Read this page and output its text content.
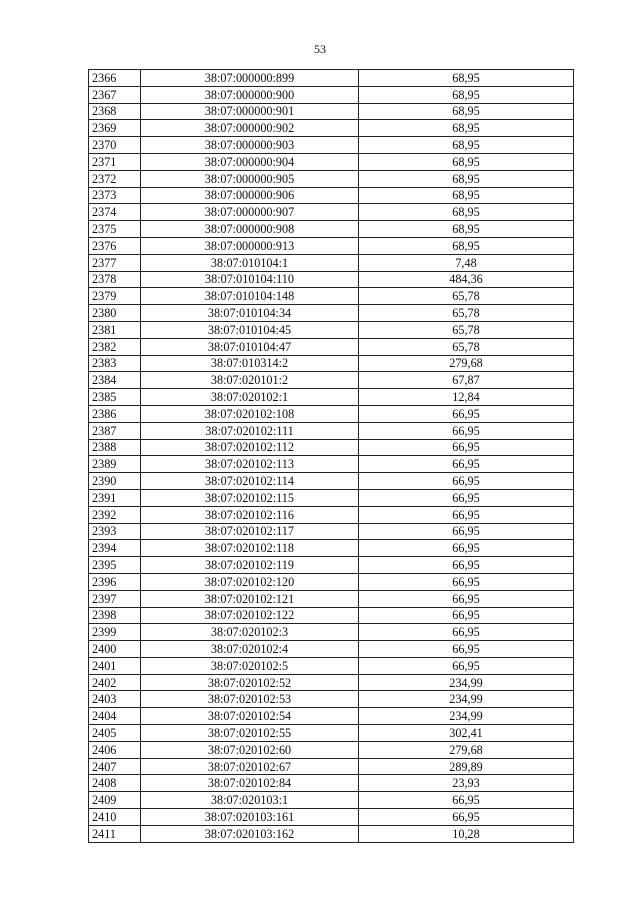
53
2366	38:07:000000:899	68,95
2367	38:07:000000:900	68,95
2368	38:07:000000:901	68,95
2369	38:07:000000:902	68,95
2370	38:07:000000:903	68,95
2371	38:07:000000:904	68,95
2372	38:07:000000:905	68,95
2373	38:07:000000:906	68,95
2374	38:07:000000:907	68,95
2375	38:07:000000:908	68,95
2376	38:07:000000:913	68,95
2377	38:07:010104:1	7,48
2378	38:07:010104:110	484,36
2379	38:07:010104:148	65,78
2380	38:07:010104:34	65,78
2381	38:07:010104:45	65,78
2382	38:07:010104:47	65,78
2383	38:07:010314:2	279,68
2384	38:07:020101:2	67,87
2385	38:07:020102:1	12,84
2386	38:07:020102:108	66,95
2387	38:07:020102:111	66,95
2388	38:07:020102:112	66,95
2389	38:07:020102:113	66,95
2390	38:07:020102:114	66,95
2391	38:07:020102:115	66,95
2392	38:07:020102:116	66,95
2393	38:07:020102:117	66,95
2394	38:07:020102:118	66,95
2395	38:07:020102:119	66,95
2396	38:07:020102:120	66,95
2397	38:07:020102:121	66,95
2398	38:07:020102:122	66,95
2399	38:07:020102:3	66,95
2400	38:07:020102:4	66,95
2401	38:07:020102:5	66,95
2402	38:07:020102:52	234,99
2403	38:07:020102:53	234,99
2404	38:07:020102:54	234,99
2405	38:07:020102:55	302,41
2406	38:07:020102:60	279,68
2407	38:07:020102:67	289,89
2408	38:07:020102:84	23,93
2409	38:07:020103:1	66,95
2410	38:07:020103:161	66,95
2411	38:07:020103:162	10,28
